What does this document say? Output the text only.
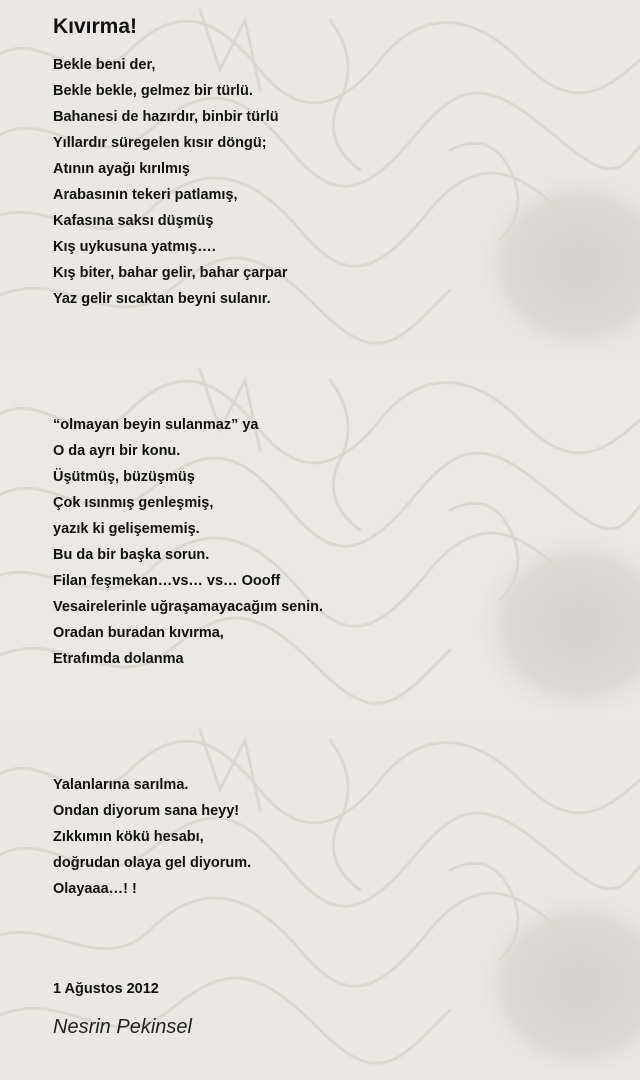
Kıvırma!
Bekle beni der,
Bekle bekle, gelmez bir türlü.
Bahanesi de hazırdır, binbir türlü
Yıllardır süregelen kısır döngü;
Atının ayağı kırılmış
Arabasının tekeri patlamış,
Kafasına saksı düşmüş
Kış uykusuna yatmış….
Kış biter, bahar gelir, bahar çarpar
Yaz gelir sıcaktan beyni sulanır.
“olmayan beyin sulanmaz” ya
O da ayrı bir konu.
Üşütmüş, büzüşmüş
Çok ısınmış genleşmiş,
yazık ki gelişememiş.
Bu da bir başka sorun.
Filan feşmekan…vs… vs… Oooff
Vesairelerinle uğraşamayacağım senin.
Oradan buradan kıvırma,
Etrafımda dolanma
Yalanlarına sarılma.
Ondan diyorum sana heyy!
Zıkkımın kökü hesabı,
doğrudan olaya gel diyorum.
Olayaaa…! !
1 Ağustos 2012
Nesrin Pekinsel
